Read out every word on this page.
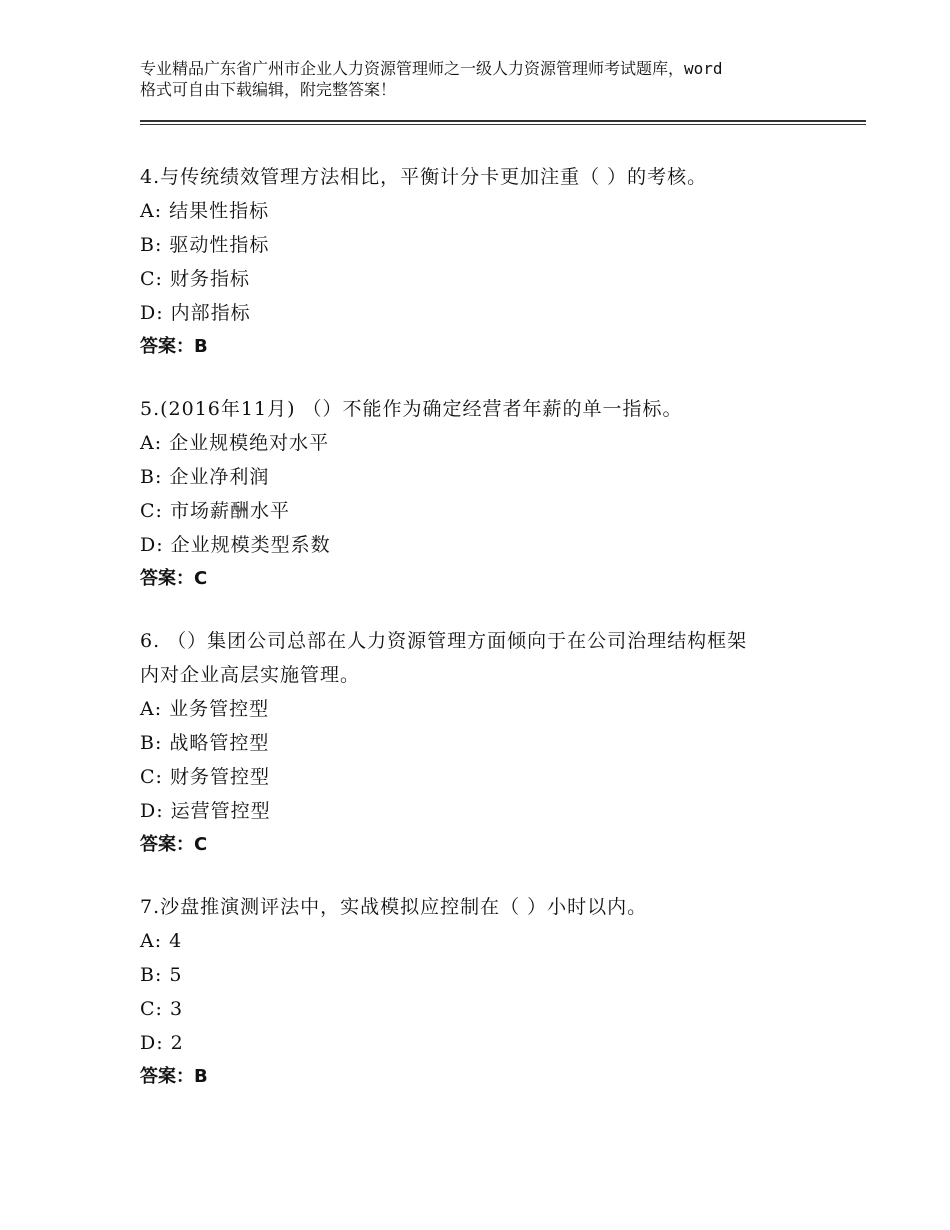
专业精品广东省广州市企业人力资源管理师之一级人力资源管理师考试题库，word
格式可自由下载编辑，附完整答案！
4.与传统绩效管理方法相比，平衡计分卡更加注重（ ）的考核。
A: 结果性指标
B: 驱动性指标
C: 财务指标
D: 内部指标
答案：B
5.(2016年11月) （）不能作为确定经营者年薪的单一指标。
A: 企业规模绝对水平
B: 企业净利润
C: 市场薪酬水平
D: 企业规模类型系数
答案：C
6. （）集团公司总部在人力资源管理方面倾向于在公司治理结构框架
内对企业高层实施管理。
A: 业务管控型
B: 战略管控型
C: 财务管控型
D: 运营管控型
答案：C
7.沙盘推演测评法中，实战模拟应控制在（ ）小时以内。
A: 4
B: 5
C: 3
D: 2
答案：B
